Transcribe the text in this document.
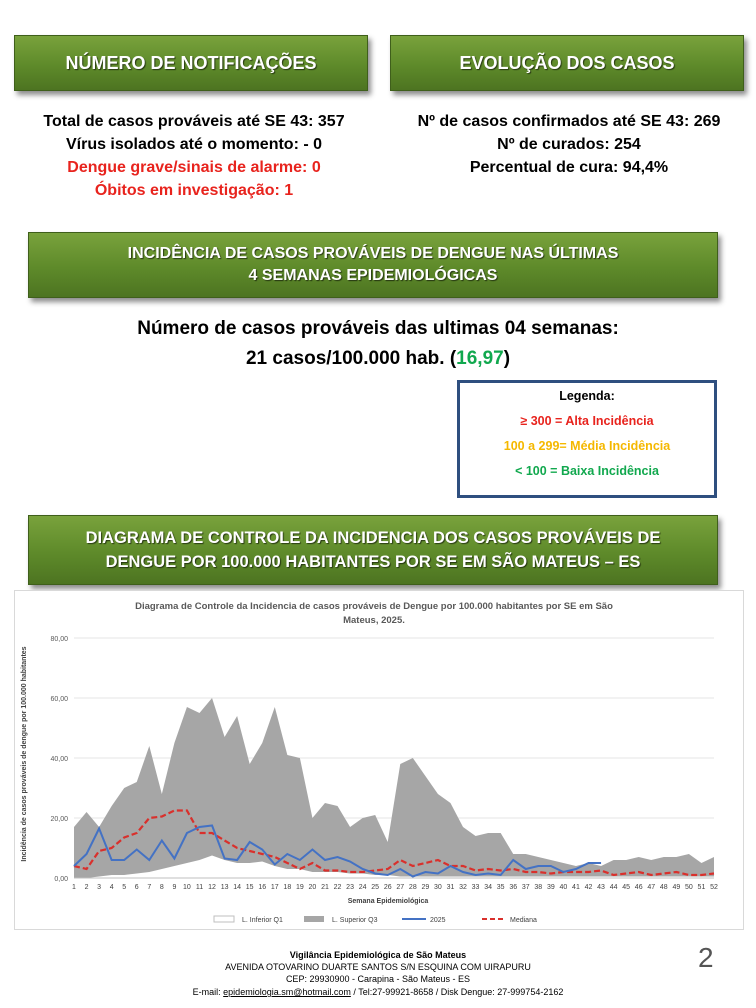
NÚMERO DE NOTIFICAÇÕES	EVOLUÇÃO DOS CASOS
Total de casos prováveis até SE 43: 357
Vírus isolados até o momento: - 0
Dengue grave/sinais de alarme: 0
Óbitos em investigação: 1
Nº de casos confirmados até SE 43: 269
Nº de curados: 254
Percentual de cura: 94,4%
INCIDÊNCIA DE CASOS PROVÁVEIS DE DENGUE NAS ÚLTIMAS
4 SEMANAS EPIDEMIOLÓGICAS
Número de casos prováveis das ultimas 04 semanas:
21 casos/100.000 hab. (16,97)
Legenda:
≥ 300 = Alta Incidência
100 a 299= Média Incidência
< 100 = Baixa Incidência
DIAGRAMA DE CONTROLE DA INCIDENCIA DOS CASOS PROVÁVEIS DE
DENGUE POR 100.000 HABITANTES POR SE EM SÃO MATEUS – ES
Diagrama de Controle da Incidencia de casos prováveis de Dengue por 100.000 habitantes por SE em São
Mateus, 2025.
Incidência de casos prováveis de dengue por 100.000 habitantes
Semana Epidemiológica
0,00
20,00
40,00
60,00
80,00
1 2 3 4 5 6 7 8 9 10 11 12 13 14 15 16 17 18 19 20 21 22 23 24 25 26 27 28 29 30 31 32 33 34 35 36 37 38 39 40 41 42 43 44 45 46 47 48 49 50 51 52
L. Inferior Q1	L. Superior Q3	2025	Mediana
Vigilância Epidemiológica de São Mateus
AVENIDA OTOVARINO DUARTE SANTOS S/N ESQUINA COM UIRAPURU
CEP: 29930900 - Carapina - São Mateus - ES
E-mail: epidemiologia.sm@hotmail.com / Tel:27-99921-8658 / Disk Dengue: 27-999754-2162
2
